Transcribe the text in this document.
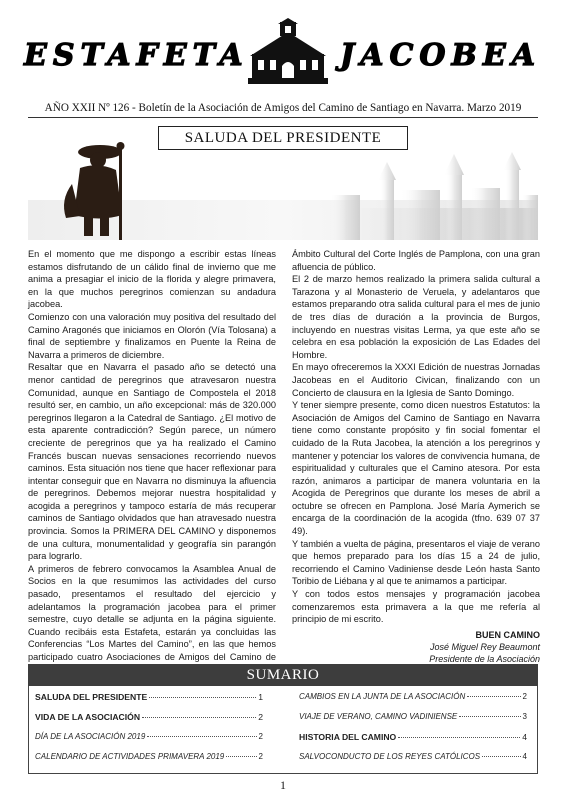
ESTAFETA	JACOBEA
AÑO XXII Nº 126 - Boletín de la Asociación de Amigos del Camino de Santiago en Navarra. Marzo 2019
SALUDA DEL PRESIDENTE

En el momento que me dispongo a escribir estas líneas estamos disfrutando de un cálido final de invierno que me anima a presagiar el inicio de la florida y alegre primavera, en la que muchos peregrinos comienzan su andadura jacobea.

Comienzo con una valoración muy positiva del resultado del Camino Aragonés que iniciamos en Olorón (Vía Tolosana) a final de septiembre y finalizamos en Puente la Reina de Navarra a primeros de diciembre.

Resaltar que en Navarra el pasado año se detectó una menor cantidad de peregrinos que atravesaron nuestra Comunidad, aunque en Santiago de Compostela el 2018 resultó ser, en cambio, un año excepcional: más de 320.000 peregrinos llegaron a la Catedral de Santiago. ¿El motivo de esta aparente contradicción? Según parece, un número creciente de peregrinos que ya ha realizado el Camino Francés buscan nuevas sensaciones recorriendo nuevos caminos. Esta situación nos tiene que hacer reflexionar para intentar conseguir que en Navarra no disminuya la afluencia de peregrinos. Debemos mejorar nuestra hospitalidad y acogida a peregrinos y tampoco estaría de más recuperar caminos de Santiago olvidados que han atravesado nuestra provincia. Somos la PRIMERA DEL CAMINO y disponemos de una cultura, monumentalidad y geografía sin parangón para lograrlo.

A primeros de febrero convocamos la Asamblea Anual de Socios en la que resumimos las actividades del curso pasado, presentamos el resultado del ejercicio y adelantamos la programación jacobea para el primer semestre, cuyo detalle se adjunta en la página siguiente. Cuando recibáis esta Estafeta, estarán ya concluidas las Conferencias “Los Martes del Camino”, en las que hemos participado cuatro Asociaciones de Amigos del Camino de

Ámbito Cultural del Corte Inglés de Pamplona, con una gran afluencia de público.

El 2 de marzo hemos realizado la primera salida cultural a Tarazona y al Monasterio de Veruela, y adelantaros que estamos preparando otra salida cultural para el mes de junio de tres días de duración a la provincia de Burgos, incluyendo en nuestras visitas Lerma, ya que este año se celebra en esa población la exposición de Las Edades del Hombre.

En mayo ofreceremos la XXXI Edición de nuestras Jornadas Jacobeas en el Auditorio Civican, finalizando con un Concierto de clausura en la Iglesia de Santo Domingo.

Y tener siempre presente, como dicen nuestros Estatutos: la Asociación de Amigos del Camino de Santiago en Navarra tiene como constante propósito y fin social fomentar el cuidado de la Ruta Jacobea, la atención a los peregrinos y mantener y potenciar los valores de convivencia humana, de espiritualidad y culturales que el Camino atesora. Por esta razón, animaros a participar de manera voluntaria en la Acogida de Peregrinos que durante los meses de abril a octubre se ofrecen en Pamplona. José María Aymerich se encarga de la coordinación de la acogida (tfno. 639 07 37 49).

Y también a vuelta de página, presentaros el viaje de verano que hemos preparado para los días 15 a 24 de julio, recorriendo el Camino Vadiniense desde León hasta Santo Toribio de Liébana y al que te animamos a participar.

Y con todos estos mensajes y programación jacobea comenzaremos esta primavera a la que me refería al principio de mi escrito.

BUEN CAMINO
José Miguel Rey Beaumont
Presidente de la Asociación
SUMARIO
SALUDA DEL PRESIDENTE	1
VIDA DE LA ASOCIACIÓN	2
DÍA DE LA ASOCIACIÓN 2019	2
CALENDARIO DE ACTIVIDADES PRIMAVERA 2019	2
CAMBIOS EN LA JUNTA DE LA ASOCIACIÓN	2
VIAJE DE VERANO, CAMINO VADINIENSE	3
HISTORIA DEL CAMINO	4
SALVOCONDUCTO DE LOS REYES CATÓLICOS	4
1
